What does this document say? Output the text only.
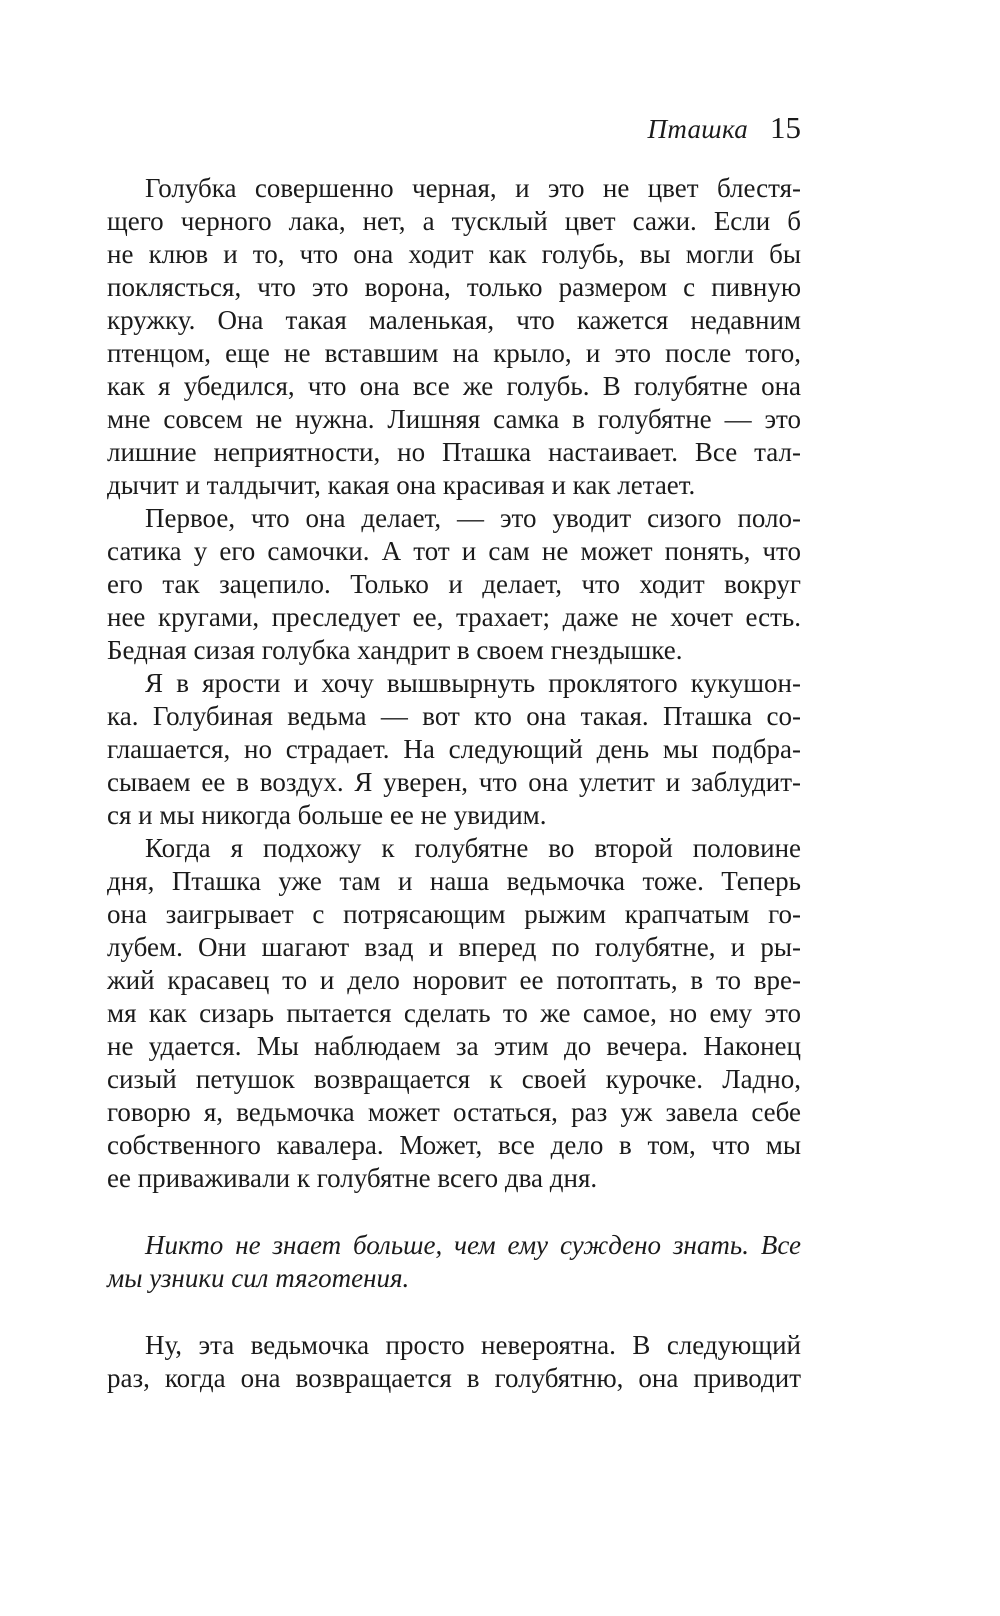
Пташка 15
Голубка совершенно черная, и это не цвет блестя-
щего черного лака, нет, а тусклый цвет сажи. Если б
не клюв и то, что она ходит как голубь, вы могли бы
поклясться, что это ворона, только размером с пивную
кружку. Она такая маленькая, что кажется недавним
птенцом, еще не вставшим на крыло, и это после того,
как я убедился, что она все же голубь. В голубятне она
мне совсем не нужна. Лишняя самка в голубятне — это
лишние неприятности, но Пташка настаивает. Все тал-
дычит и талдычит, какая она красивая и как летает.
Первое, что она делает, — это уводит сизого поло-
сатика у его самочки. А тот и сам не может понять, что
его так зацепило. Только и делает, что ходит вокруг
нее кругами, преследует ее, трахает; даже не хочет есть.
Бедная сизая голубка хандрит в своем гнездышке.
Я в ярости и хочу вышвырнуть проклятого кукушон-
ка. Голубиная ведьма — вот кто она такая. Пташка со-
глашается, но страдает. На следующий день мы подбра-
сываем ее в воздух. Я уверен, что она улетит и заблудит-
ся и мы никогда больше ее не увидим.
Когда я подхожу к голубятне во второй половине
дня, Пташка уже там и наша ведьмочка тоже. Теперь
она заигрывает с потрясающим рыжим крапчатым го-
лубем. Они шагают взад и вперед по голубятне, и ры-
жий красавец то и дело норовит ее потоптать, в то вре-
мя как сизарь пытается сделать то же самое, но ему это
не удается. Мы наблюдаем за этим до вечера. Наконец
сизый петушок возвращается к своей курочке. Ладно,
говорю я, ведьмочка может остаться, раз уж завела себе
собственного кавалера. Может, все дело в том, что мы
ее приваживали к голубятне всего два дня.
Никто не знает больше, чем ему суждено знать. Все
мы узники сил тяготения.
Ну, эта ведьмочка просто невероятна. В следующий
раз, когда она возвращается в голубятню, она приводит
